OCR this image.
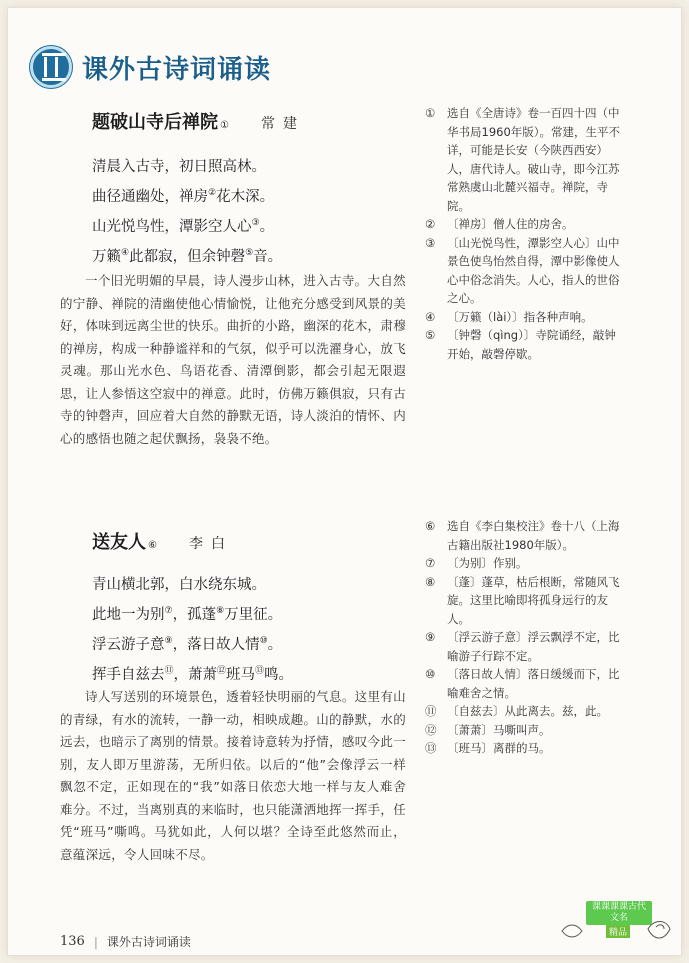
课外古诗词诵读
题破山寺后禅院 ① 常建
清晨入古寺，初日照高林。
曲径通幽处，禅房②花木深。
山光悦鸟性，潭影空人心③。
万籁④此都寂，但余钟磬⑤音。
一个旧光明媚的早晨，诗人漫步山林，进入古寺。大自然的宁静、禅院的清幽使他心情愉悦，让他充分感受到风景的美好，体味到远离尘世的快乐。曲折的小路，幽深的花木，肃穆的禅房，构成一种静谧祥和的气氛，似乎可以洗濯身心，放飞灵魂。那山光水色、鸟语花香、清潭倒影，都会引起无限遐思，让人参悟这空寂中的禅意。此时，仿佛万籁俱寂，只有古寺的钟磬声，回应着大自然的静默无语，诗人淡泊的情怀、内心的感悟也随之起伏飘扬，袅袅不绝。
①	选自《全唐诗》卷一百四十四（中华书局1960年版）。常建，生平不详，可能是长安（今陕西西安）人，唐代诗人。破山寺，即今江苏常熟虞山北麓兴福寺。禅院，寺院。
②	〔禅房〕僧人住的房舍。
③	〔山光悦鸟性，潭影空人心〕山中景色使鸟怡然自得，潭中影像使人心中俗念消失。人心，指人的世俗之心。
④	〔万籁（lài）〕指各种声响。
⑤	〔钟磬（qìng）〕寺院诵经，敲钟开始，敲磬停歇。
送友人 ⑥ 李白
青山横北郭，白水绕东城。
此地一为别⑦，孤蓬⑧万里征。
浮云游子意⑨，落日故人情⑩。
挥手自兹去⑪，萧萧⑫班马⑬鸣。
诗人写送别的环境景色，透着轻快明丽的气息。这里有山的青绿，有水的流转，一静一动，相映成趣。山的静默，水的远去，也暗示了离别的情景。接着诗意转为抒情，感叹今此一别，友人即万里游荡，无所归依。以后的“他”会像浮云一样飘忽不定，正如现在的“我”如落日依恋大地一样与友人难舍难分。不过，当离别真的来临时，也只能潇洒地挥一挥手，任凭“班马”嘶鸣。马犹如此，人何以堪？全诗至此悠然而止，意蕴深远，令人回味不尽。
⑥	选自《李白集校注》卷十八（上海古籍出版社1980年版）。
⑦	〔为别〕作别。
⑧	〔蓬〕蓬草，枯后根断，常随风飞旋。这里比喻即将孤身远行的友人。
⑨	〔浮云游子意〕浮云飘浮不定，比喻游子行踪不定。
⑩	〔落日故人情〕落日缓缓而下，比喻难舍之情。
⑪ 〔自兹去〕从此离去。兹，此。
⑫ 〔萧萧〕马嘶叫声。
⑬ 〔班马〕离群的马。
136 | 课外古诗词诵读
课课课课古代文名
精品
